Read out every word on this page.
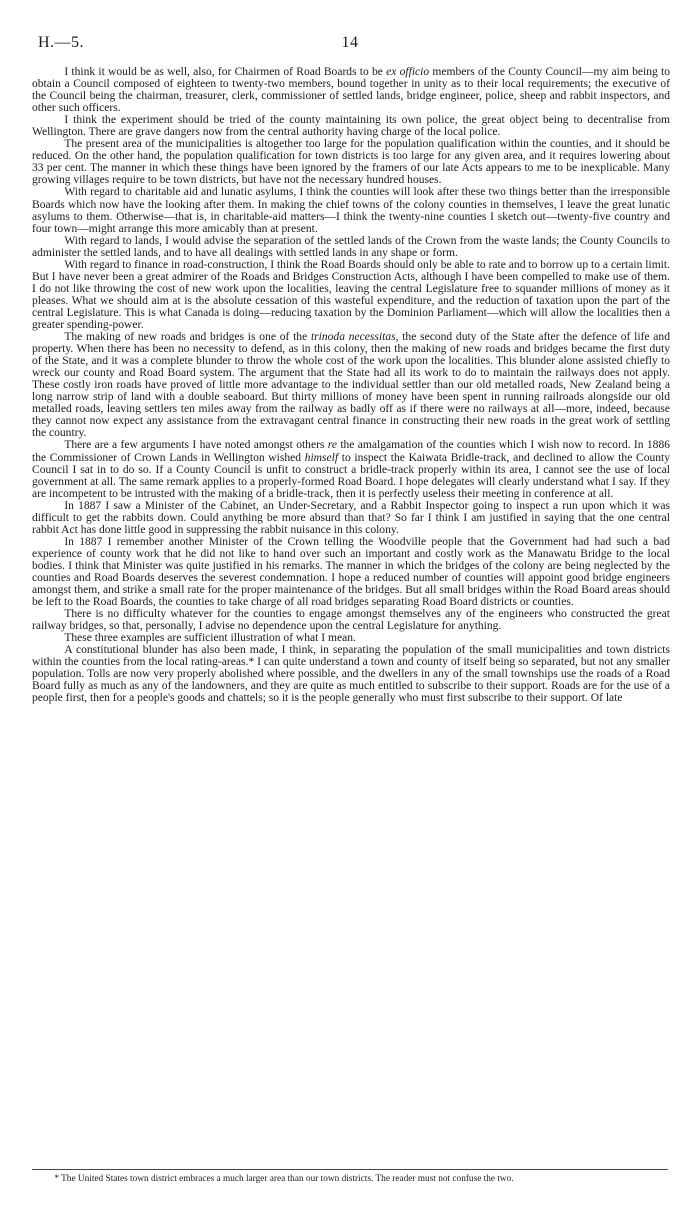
H.—5.	14

I think it would be as well, also, for Chairmen of Road Boards to be ex officio members of the County Council—my aim being to obtain a Council composed of eighteen to twenty-two members, bound together in unity as to their local requirements; the executive of the Council being the chairman, treasurer, clerk, commissioner of settled lands, bridge engineer, police, sheep and rabbit inspectors, and other such officers.

I think the experiment should be tried of the county maintaining its own police, the great object being to decentralise from Wellington. There are grave dangers now from the central authority having charge of the local police.

The present area of the municipalities is altogether too large for the population qualification within the counties, and it should be reduced. On the other hand, the population qualification for town districts is too large for any given area, and it requires lowering about 33 per cent. The manner in which these things have been ignored by the framers of our late Acts appears to me to be inexplicable. Many growing villages require to be town districts, but have not the necessary hundred houses.

With regard to charitable aid and lunatic asylums, I think the counties will look after these two things better than the irresponsible Boards which now have the looking after them. In making the chief towns of the colony counties in themselves, I leave the great lunatic asylums to them. Otherwise—that is, in charitable-aid matters—I think the twenty-nine counties I sketch out—twenty-five country and four town—might arrange this more amicably than at present.

With regard to lands, I would advise the separation of the settled lands of the Crown from the waste lands; the County Councils to administer the settled lands, and to have all dealings with settled lands in any shape or form.

With regard to finance in road-construction, I think the Road Boards should only be able to rate and to borrow up to a certain limit. But I have never been a great admirer of the Roads and Bridges Construction Acts, although I have been compelled to make use of them. I do not like throwing the cost of new work upon the localities, leaving the central Legislature free to squander millions of money as it pleases. What we should aim at is the absolute cessation of this wasteful expenditure, and the reduction of taxation upon the part of the central Legislature. This is what Canada is doing—reducing taxation by the Dominion Parliament—which will allow the localities then a greater spending-power.

The making of new roads and bridges is one of the trinoda necessitas, the second duty of the State after the defence of life and property. When there has been no necessity to defend, as in this colony, then the making of new roads and bridges became the first duty of the State, and it was a complete blunder to throw the whole cost of the work upon the localities. This blunder alone assisted chiefly to wreck our county and Road Board system. The argument that the State had all its work to do to maintain the railways does not apply. These costly iron roads have proved of little more advantage to the individual settler than our old metalled roads, New Zealand being a long narrow strip of land with a double seaboard. But thirty millions of money have been spent in running railroads alongside our old metalled roads, leaving settlers ten miles away from the railway as badly off as if there were no railways at all—more, indeed, because they cannot now expect any assistance from the extravagant central finance in constructing their new roads in the great work of settling the country.

There are a few arguments I have noted amongst others re the amalgamation of the counties which I wish now to record. In 1886 the Commissioner of Crown Lands in Wellington wished himself to inspect the Kaiwata Bridle-track, and declined to allow the County Council I sat in to do so. If a County Council is unfit to construct a bridle-track properly within its area, I cannot see the use of local government at all. The same remark applies to a properly-formed Road Board. I hope delegates will clearly understand what I say. If they are incompetent to be intrusted with the making of a bridle-track, then it is perfectly useless their meeting in conference at all.

In 1887 I saw a Minister of the Cabinet, an Under-Secretary, and a Rabbit Inspector going to inspect a run upon which it was difficult to get the rabbits down. Could anything be more absurd than that? So far I think I am justified in saying that the one central rabbit Act has done little good in suppressing the rabbit nuisance in this colony.

In 1887 I remember another Minister of the Crown telling the Woodville people that the Government had had such a bad experience of county work that he did not like to hand over such an important and costly work as the Manawatu Bridge to the local bodies. I think that Minister was quite justified in his remarks. The manner in which the bridges of the colony are being neglected by the counties and Road Boards deserves the severest condemnation. I hope a reduced number of counties will appoint good bridge engineers amongst them, and strike a small rate for the proper maintenance of the bridges. But all small bridges within the Road Board areas should be left to the Road Boards, the counties to take charge of all road bridges separating Road Board districts or counties.

There is no difficulty whatever for the counties to engage amongst themselves any of the engineers who constructed the great railway bridges, so that, personally, I advise no dependence upon the central Legislature for anything.

These three examples are sufficient illustration of what I mean.

A constitutional blunder has also been made, I think, in separating the population of the small municipalities and town districts within the counties from the local rating-areas.* I can quite understand a town and county of itself being so separated, but not any smaller population. Tolls are now very properly abolished where possible, and the dwellers in any of the small townships use the roads of a Road Board fully as much as any of the landowners, and they are quite as much entitled to subscribe to their support. Roads are for the use of a people first, then for a people's goods and chattels; so it is the people generally who must first subscribe to their support. Of late

* The United States town district embraces a much larger area than our town districts. The reader must not confuse the two.
